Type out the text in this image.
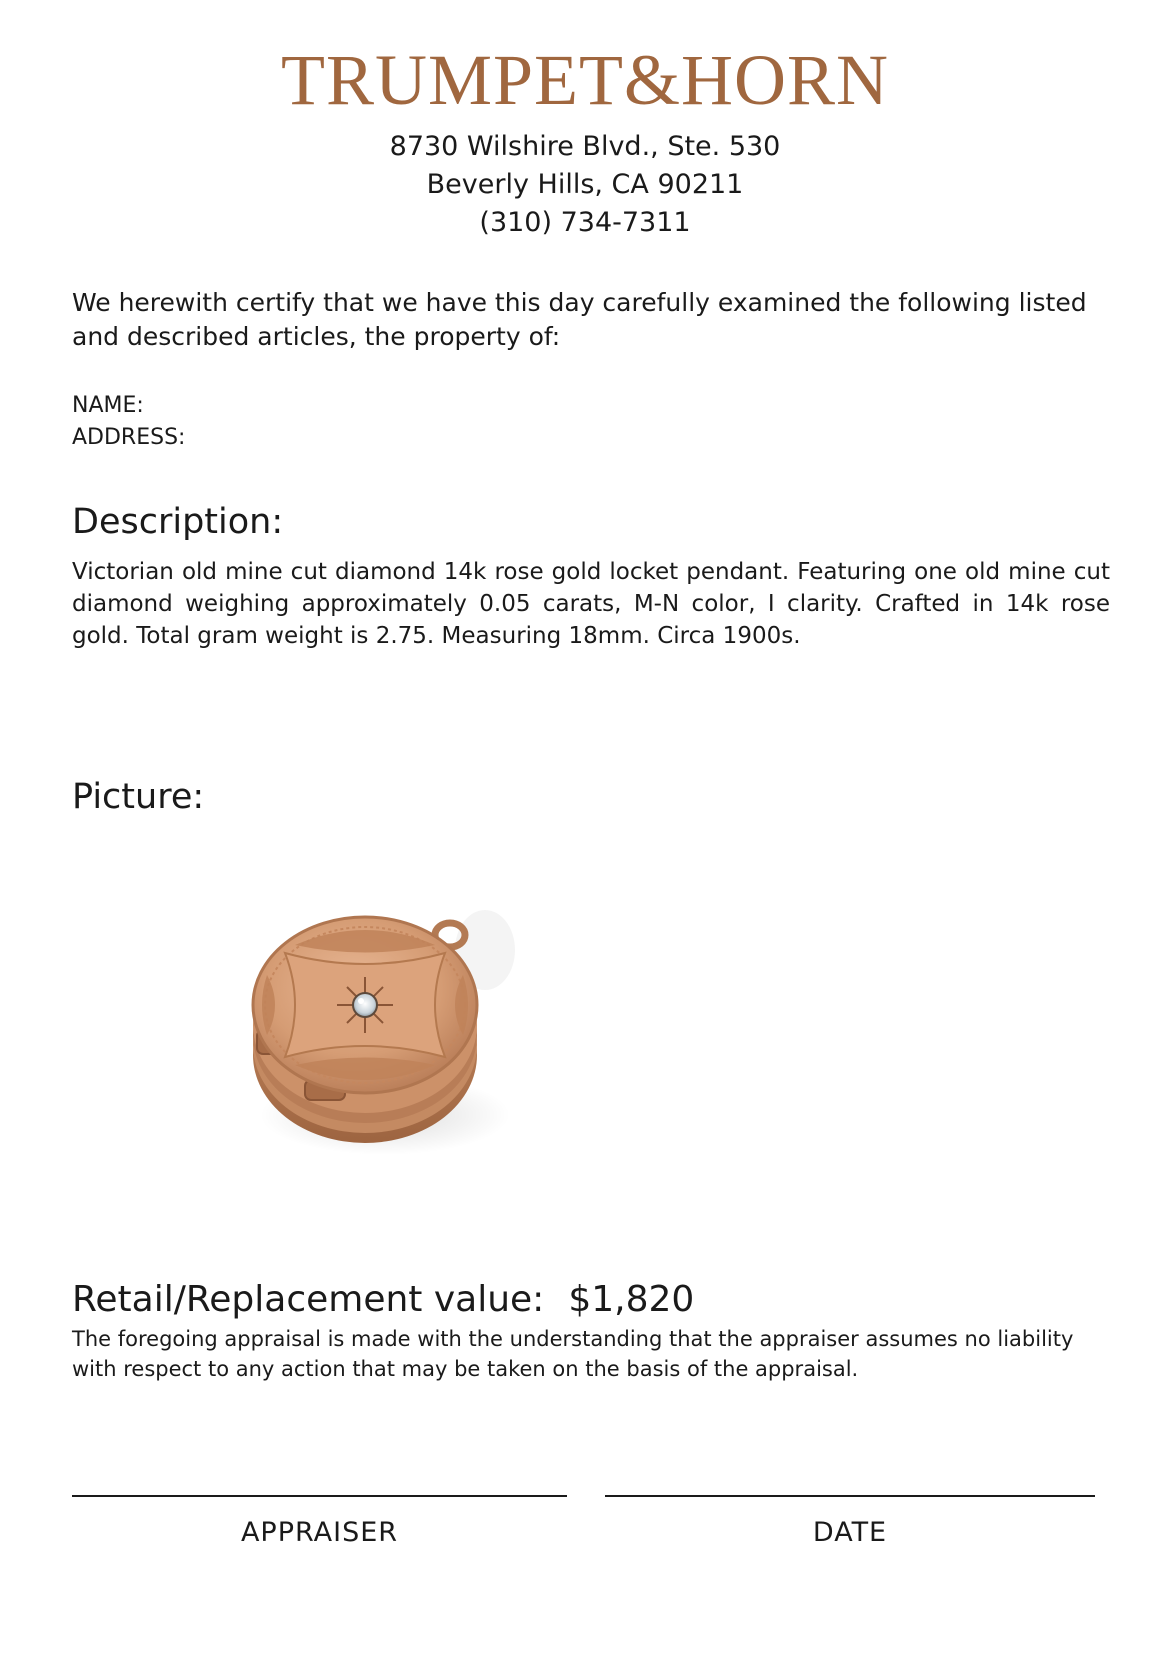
TRUMPET&HORN
8730 Wilshire Blvd., Ste. 530
Beverly Hills, CA 90211
(310) 734-7311
We herewith certify that we have this day carefully examined the following listed and described articles, the property of:
NAME:
ADDRESS:
Description:
Victorian old mine cut diamond 14k rose gold locket pendant. Featuring one old mine cut diamond weighing approximately 0.05 carats, M-N color, I clarity. Crafted in 14k rose gold. Total gram weight is 2.75. Measuring 18mm. Circa 1900s.
Picture:
Retail/Replacement value: $1,820
The foregoing appraisal is made with the understanding that the appraiser assumes no liability with respect to any action that may be taken on the basis of the appraisal.
APPRAISER	DATE
